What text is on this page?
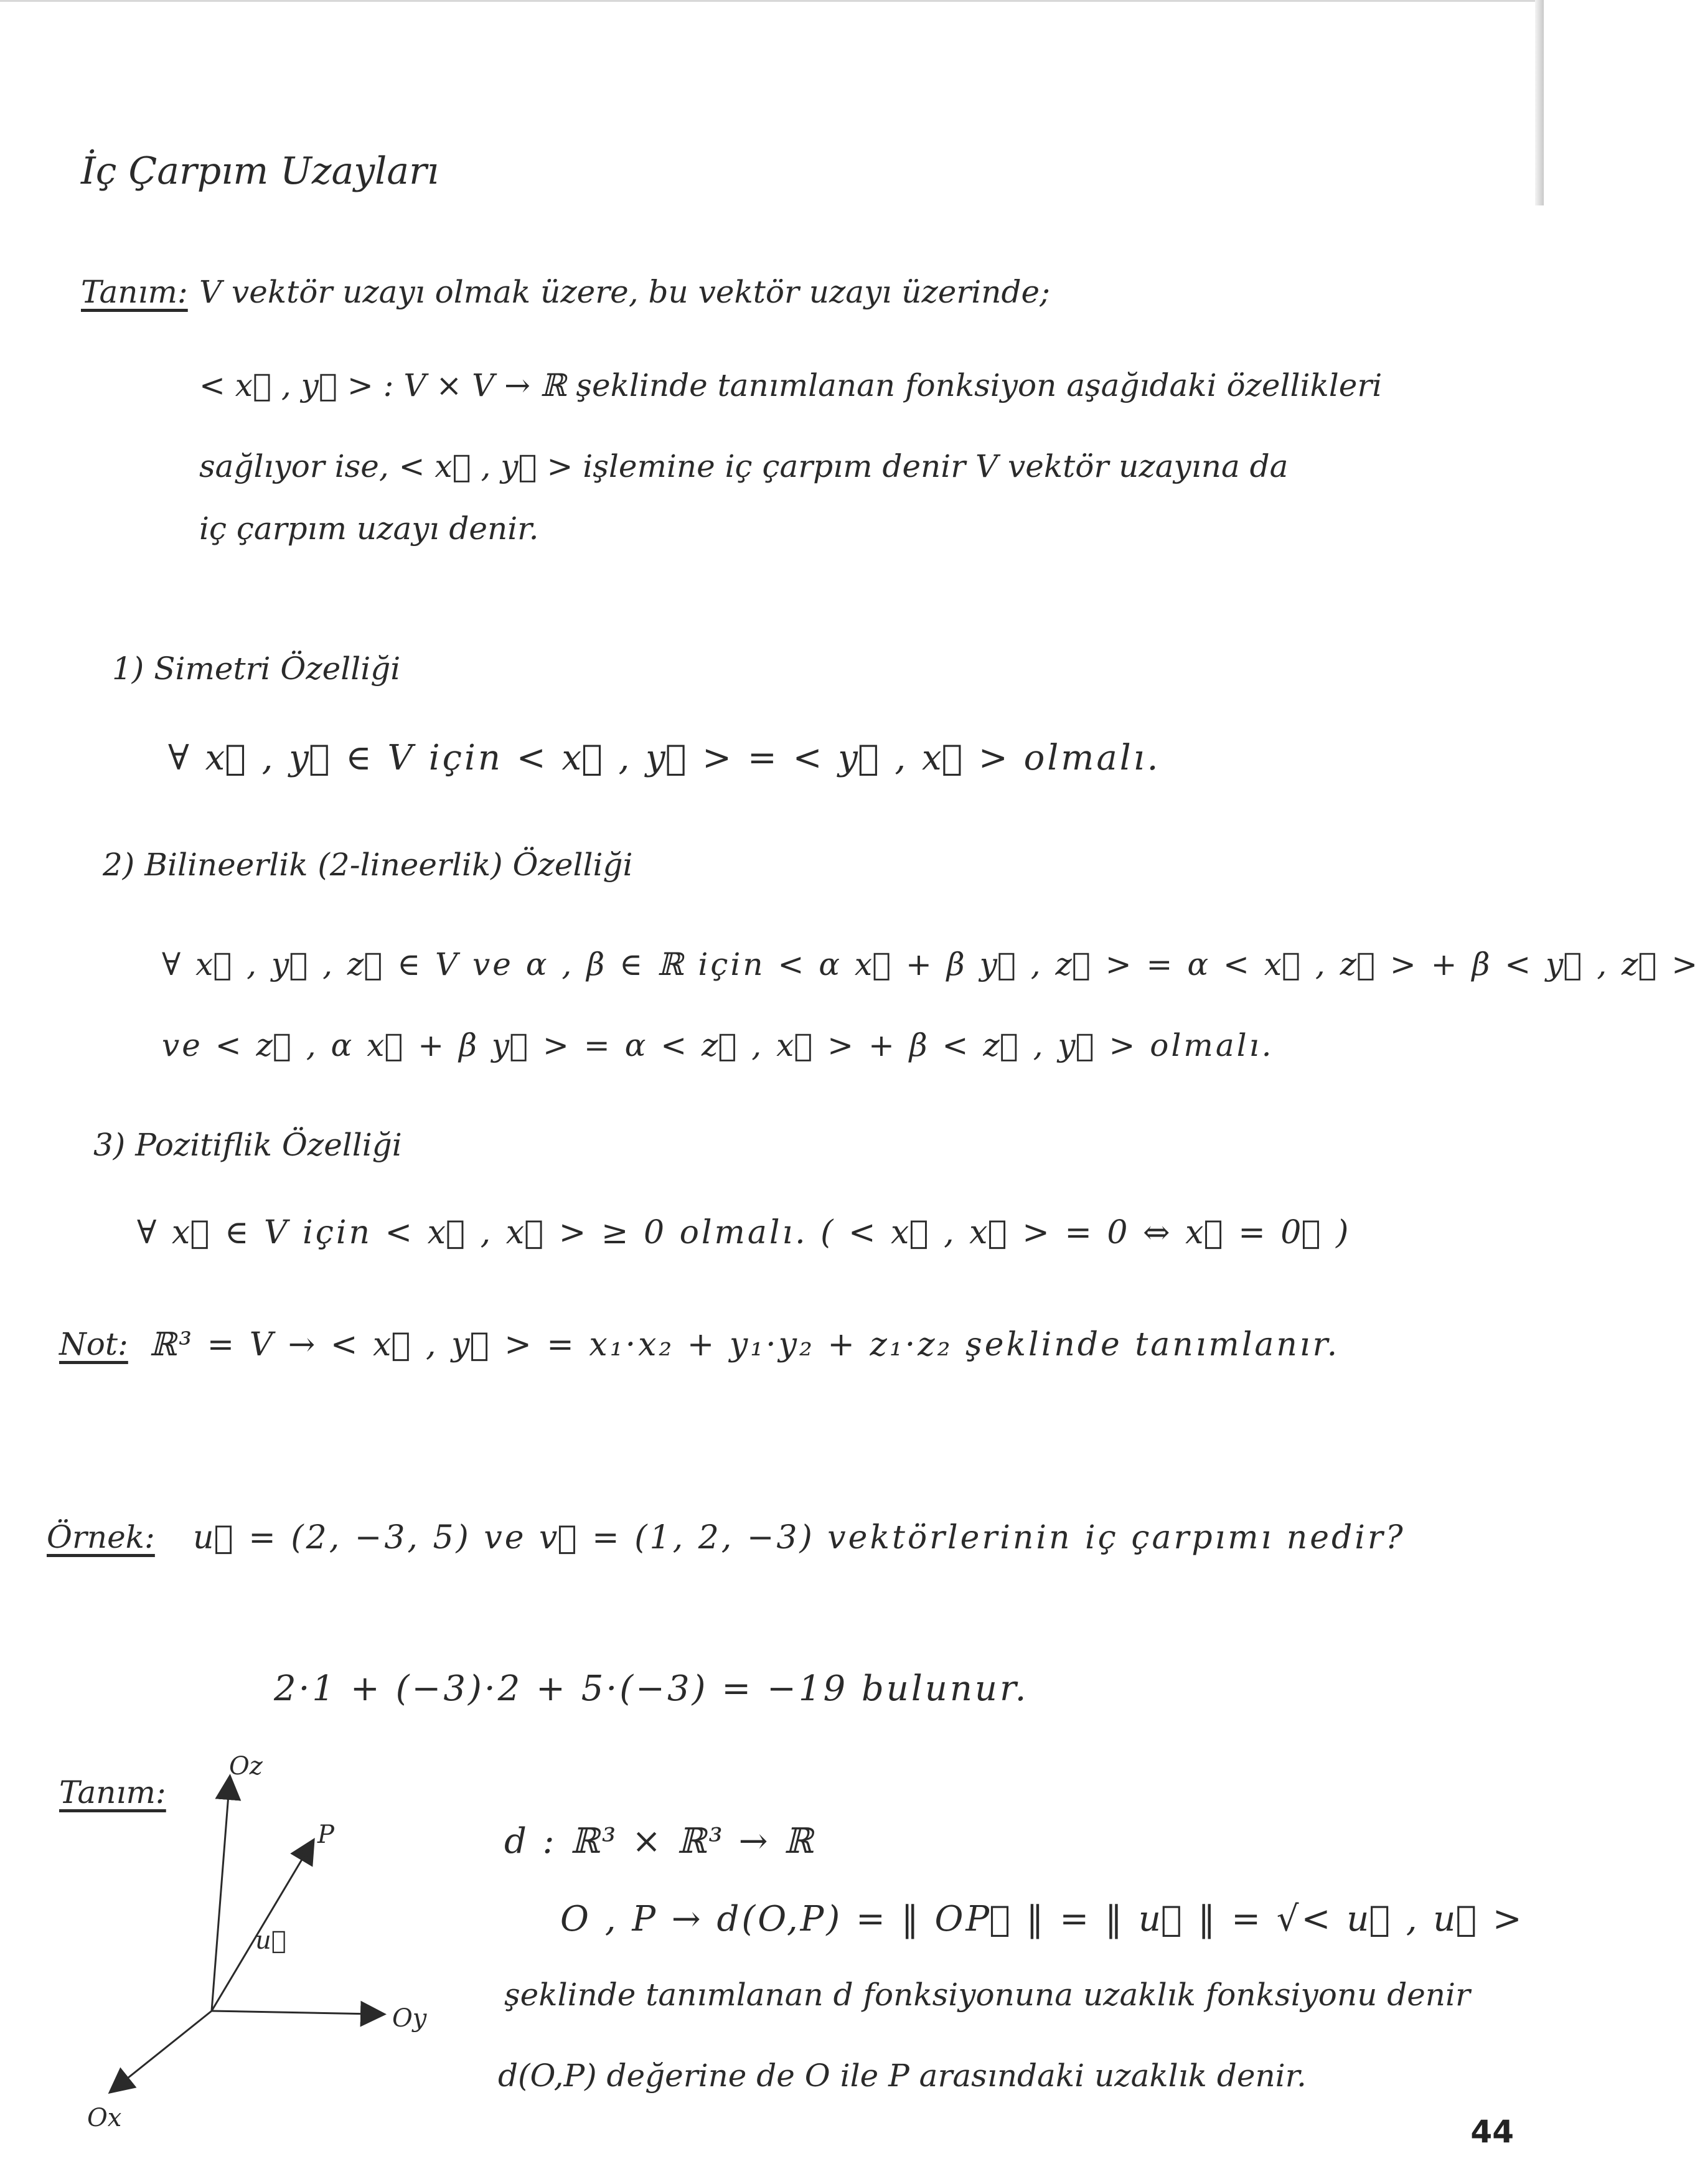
İç Çarpım Uzayları
Tanım: V vektör uzayı olmak üzere, bu vektör uzayı üzerinde;
< x⃗ , y⃗ > : V × V → ℝ şeklinde tanımlanan fonksiyon aşağıdaki özellikleri
sağlıyor ise, < x⃗ , y⃗ > işlemine iç çarpım denir V vektör uzayına da
iç çarpım uzayı denir.
1) Simetri Özelliği
∀ x⃗ , y⃗ ∈ V için < x⃗ , y⃗ > = < y⃗ , x⃗ > olmalı.
2) Bilineerlik (2-lineerlik) Özelliği
∀ x⃗ , y⃗ , z⃗ ∈ V ve α , β ∈ ℝ için < α x⃗ + β y⃗ , z⃗ > = α < x⃗ , z⃗ > + β < y⃗ , z⃗ >
ve < z⃗ , α x⃗ + β y⃗ > = α < z⃗ , x⃗ > + β < z⃗ , y⃗ > olmalı.
3) Pozitiflik Özelliği
∀ x⃗ ∈ V için < x⃗ , x⃗ > ≥ 0 olmalı. ( < x⃗ , x⃗ > = 0 ⇔ x⃗ = 0⃗ )
Not: ℝ³ = V → < x⃗ , y⃗ > = x₁·x₂ + y₁·y₂ + z₁·z₂ şeklinde tanımlanır.
Örnek: u⃗ = (2, −3, 5) ve v⃗ = (1, 2, −3) vektörlerinin iç çarpımı nedir?
2·1 + (−3)·2 + 5·(−3) = −19 bulunur.
Tanım:
d : ℝ³ × ℝ³ → ℝ
O , P → d(O,P) = ‖ OP⃗ ‖ = ‖ u⃗ ‖ = √< u⃗ , u⃗ >
şeklinde tanımlanan d fonksiyonuna uzaklık fonksiyonu denir
d(O,P) değerine de O ile P arasındaki uzaklık denir.
Oz
Oy
Ox
P
u⃗
44
